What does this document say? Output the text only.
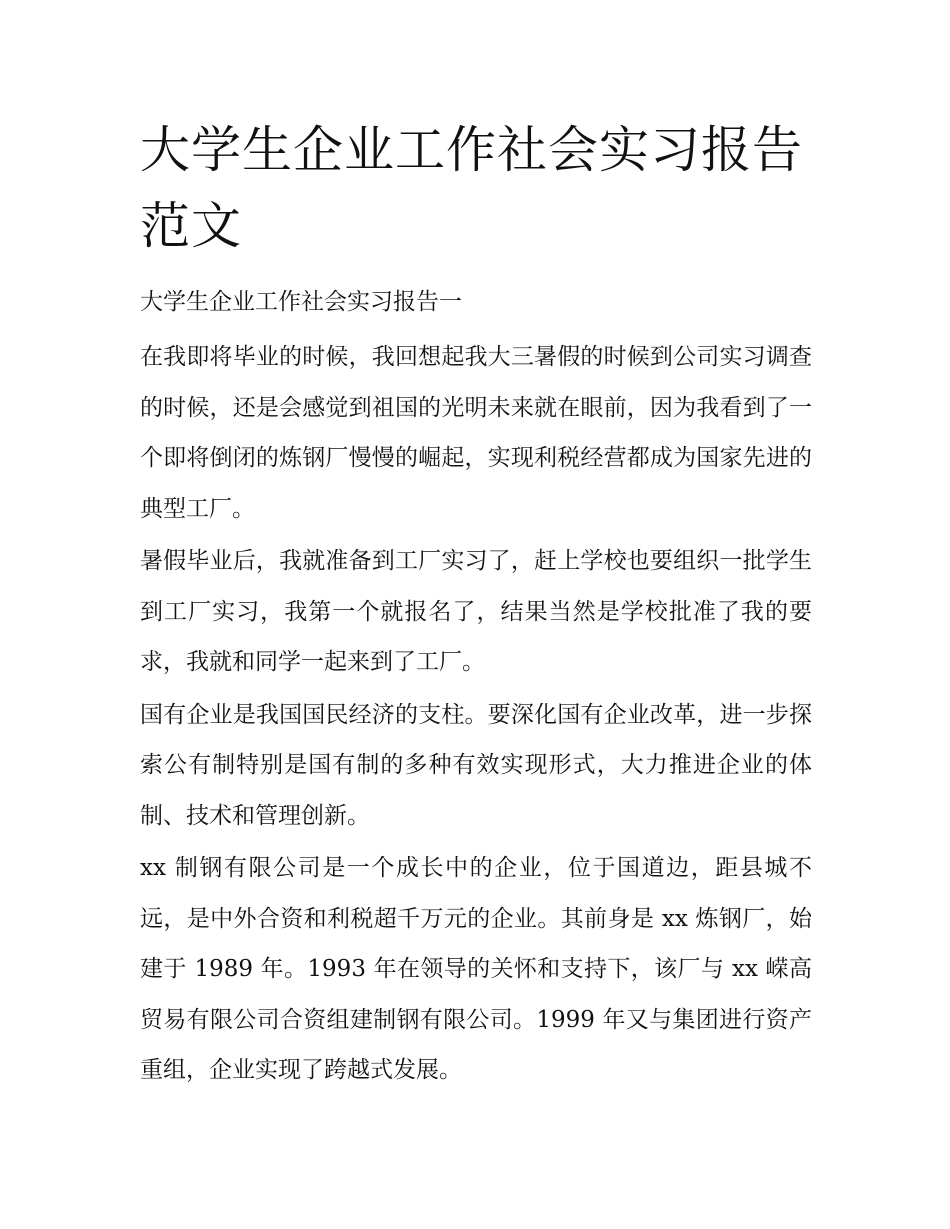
大学生企业工作社会实习报告范文

大学生企业工作社会实习报告一

在我即将毕业的时候，我回想起我大三暑假的时候到公司实习调查的时候，还是会感觉到祖国的光明未来就在眼前，因为我看到了一个即将倒闭的炼钢厂慢慢的崛起，实现利税经营都成为国家先进的典型工厂。

暑假毕业后，我就准备到工厂实习了，赶上学校也要组织一批学生到工厂实习，我第一个就报名了，结果当然是学校批准了我的要求，我就和同学一起来到了工厂。

国有企业是我国国民经济的支柱。要深化国有企业改革，进一步探索公有制特别是国有制的多种有效实现形式，大力推进企业的体制、技术和管理创新。

xx 制钢有限公司是一个成长中的企业，位于国道边，距县城不远，是中外合资和利税超千万元的企业。其前身是 xx 炼钢厂，始建于 1989 年。1993 年在领导的关怀和支持下，该厂与 xx 嵘高贸易有限公司合资组建制钢有限公司。1999 年又与集团进行资产重组，企业实现了跨越式发展。
